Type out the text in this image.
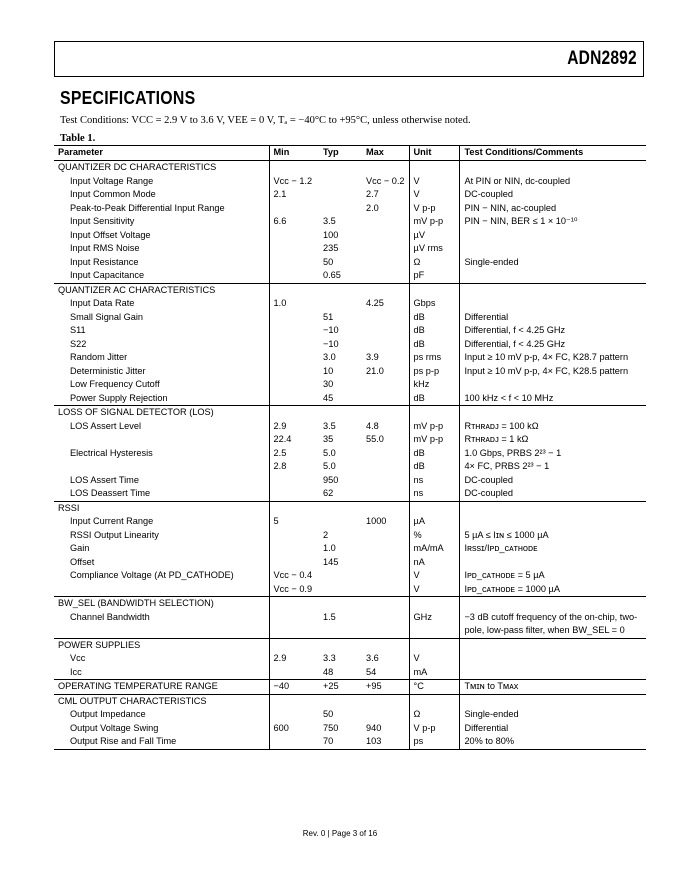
ADN2892
SPECIFICATIONS
Test Conditions: VCC = 2.9 V to 3.6 V, VEE = 0 V, Tₐ = −40°C to +95°C, unless otherwise noted.
Table 1.
Parameter	Min	Typ	Max	Unit	Test Conditions/Comments
QUANTIZER DC CHARACTERISTICS					
Input Voltage Range	Vᴄᴄ − 1.2		Vᴄᴄ − 0.2	V	At PIN or NIN, dc-coupled
Input Common Mode	2.1		2.7	V	DC-coupled
Peak-to-Peak Differential Input Range			2.0	V p-p	PIN − NIN, ac-coupled
Input Sensitivity	6.6	3.5		mV p-p	PIN − NIN, BER ≤ 1 × 10⁻¹⁰
Input Offset Voltage		100		µV	
Input RMS Noise		235		µV rms	
Input Resistance		50		Ω	Single-ended
Input Capacitance		0.65		pF	
QUANTIZER AC CHARACTERISTICS					
Input Data Rate	1.0		4.25	Gbps	
Small Signal Gain		51		dB	Differential
S11		−10		dB	Differential, f < 4.25 GHz
S22		−10		dB	Differential, f < 4.25 GHz
Random Jitter		3.0	3.9	ps rms	Input ≥ 10 mV p-p, 4× FC, K28.7 pattern
Deterministic Jitter		10	21.0	ps p-p	Input ≥ 10 mV p-p, 4× FC, K28.5 pattern
Low Frequency Cutoff		30		kHz	
Power Supply Rejection		45		dB	100 kHz < f < 10 MHz
LOSS OF SIGNAL DETECTOR (LOS)					
LOS Assert Level	2.9	3.5	4.8	mV p-p	Rᴛʜʀᴀᴅᴊ = 100 kΩ
	22.4	35	55.0	mV p-p	Rᴛʜʀᴀᴅᴊ = 1 kΩ
Electrical Hysteresis	2.5	5.0		dB	1.0 Gbps, PRBS 2²³ − 1
	2.8	5.0		dB	4× FC, PRBS 2²³ − 1
LOS Assert Time		950		ns	DC-coupled
LOS Deassert Time		62		ns	DC-coupled
RSSI					
Input Current Range	5		1000	µA	
RSSI Output Linearity		2		%	5 µA ≤ Iɪɴ ≤ 1000 µA
Gain		1.0		mA/mA	Iʀssɪ/Iᴘᴅ_ᴄᴀᴛʜᴏᴅᴇ
Offset		145		nA	
Compliance Voltage (At PD_CATHODE)	Vᴄᴄ − 0.4			V	Iᴘᴅ_ᴄᴀᴛʜᴏᴅᴇ = 5 µA
	Vᴄᴄ − 0.9			V	Iᴘᴅ_ᴄᴀᴛʜᴏᴅᴇ = 1000 µA
BW_SEL (BANDWIDTH SELECTION)					
Channel Bandwidth		1.5		GHz	−3 dB cutoff frequency of the on-chip, two-pole, low-pass filter, when BW_SEL = 0
POWER SUPPLIES					
Vᴄᴄ	2.9	3.3	3.6	V	
Iᴄᴄ		48	54	mA	
OPERATING TEMPERATURE RANGE	−40	+25	+95	°C	Tᴍɪɴ to Tᴍᴀx
CML OUTPUT CHARACTERISTICS					
Output Impedance		50		Ω	Single-ended
Output Voltage Swing	600	750	940	V p-p	Differential
Output Rise and Fall Time		70	103	ps	20% to 80%
Rev. 0 | Page 3 of 16
